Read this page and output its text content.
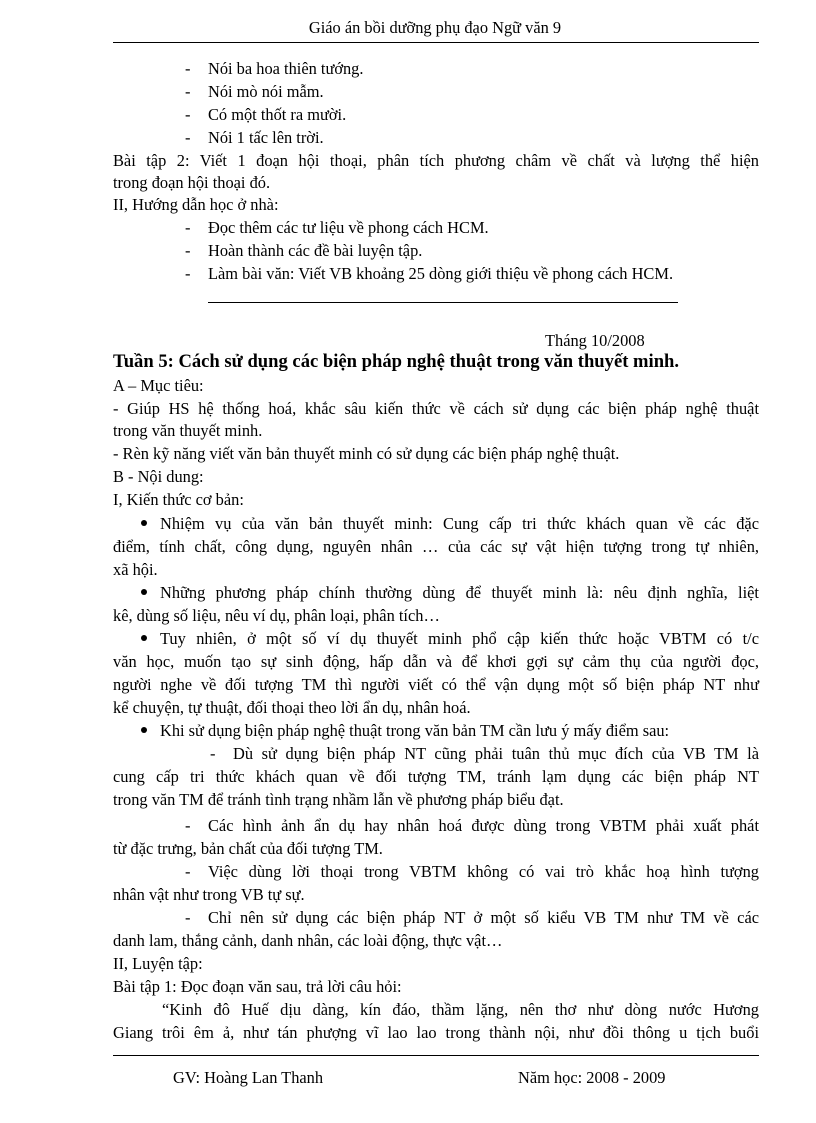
Giáo án bồi dưỡng phụ đạo Ngữ văn 9
- Nói ba hoa thiên tướng.
- Nói mò nói mẫm.
- Có một thốt ra mười.
- Nói 1 tấc lên trời.
Bài tập 2: Viết 1 đoạn hội thoại, phân tích phương châm về chất và lượng thể hiện
trong đoạn hội thoại đó.
II, Hướng dẫn học ở nhà:
- Đọc thêm các tư liệu về phong cách HCM.
- Hoàn thành các đề bài luyện tập.
- Làm bài văn: Viết VB khoảng 25 dòng giới thiệu về phong cách HCM.
Tháng 10/2008
Tuần 5: Cách sử dụng các biện pháp nghệ thuật trong văn thuyết minh.
A – Mục tiêu:
- Giúp HS hệ thống hoá, khắc sâu kiến thức về cách sử dụng các biện pháp nghệ thuật
trong văn thuyết minh.
- Rèn kỹ năng viết văn bản thuyết minh có sử dụng các biện pháp nghệ thuật.
B - Nội dung:
I, Kiến thức cơ bản:
Nhiệm vụ của văn bản thuyết minh: Cung cấp tri thức khách quan về các đặc
điểm, tính chất, công dụng, nguyên nhân … của các sự vật hiện tượng trong tự nhiên,
xã hội.
Những phương pháp chính thường dùng để thuyết minh là: nêu định nghĩa, liệt
kê, dùng số liệu, nêu ví dụ, phân loại, phân tích…
Tuy nhiên, ở một số ví dụ thuyết minh phổ cập kiến thức hoặc VBTM có t/c
văn học, muốn tạo sự sinh động, hấp dẫn và để khơi gợi sự cảm thụ của người đọc,
người nghe về đối tượng TM thì người viết có thể vận dụng một số biện pháp NT như
kể chuyện, tự thuật, đối thoại theo lời ẩn dụ, nhân hoá.
Khi sử dụng biện pháp nghệ thuật trong văn bản TM cần lưu ý mấy điểm sau:
- Dù sử dụng biện pháp NT cũng phải tuân thủ mục đích của VB TM là
cung cấp tri thức khách quan về đối tượng TM, tránh lạm dụng các biện pháp NT
trong văn TM để tránh tình trạng nhầm lẫn về phương pháp biểu đạt.
- Các hình ảnh ẩn dụ hay nhân hoá được dùng trong VBTM phải xuất phát
từ đặc trưng, bản chất của đối tượng TM.
- Việc dùng lời thoại trong VBTM không có vai trò khắc hoạ hình tượng
nhân vật như trong VB tự sự.
- Chỉ nên sử dụng các biện pháp NT ở một số kiểu VB TM như TM về các
danh lam, thắng cảnh, danh nhân, các loài động, thực vật…
II, Luyện tập:
Bài tập 1: Đọc đoạn văn sau, trả lời câu hỏi:
“Kinh đô Huế dịu dàng, kín đáo, thầm lặng, nên thơ như dòng nước Hương
Giang trôi êm ả, như tán phượng vĩ lao lao trong thành nội, như đồi thông u tịch buổi
GV: Hoàng Lan Thanh	Năm học: 2008 - 2009
